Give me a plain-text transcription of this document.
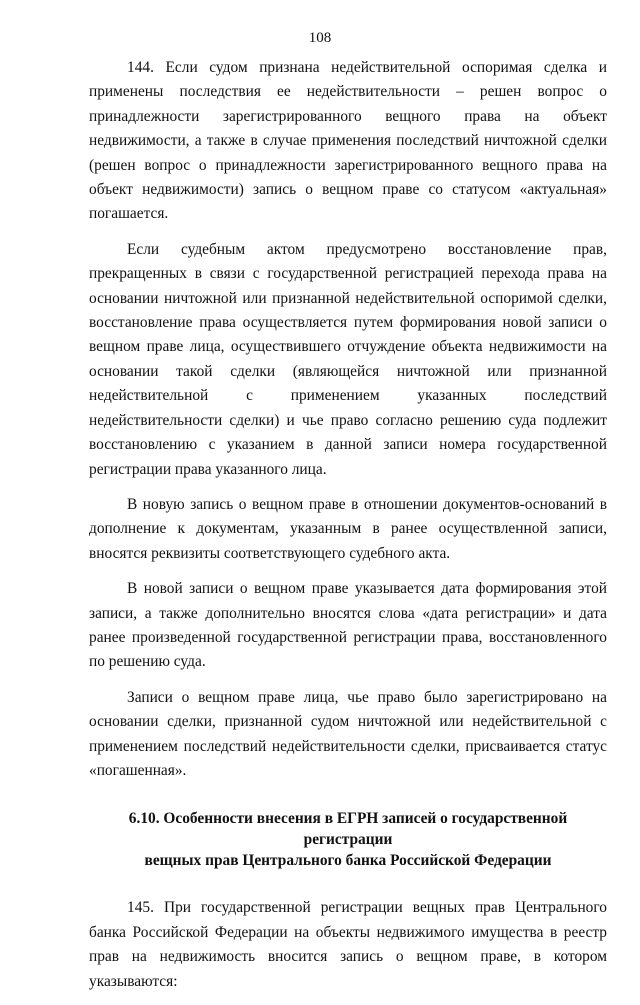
108

144. Если судом признана недействительной оспоримая сделка и применены последствия ее недействительности – решен вопрос о принадлежности зарегистрированного вещного права на объект недвижимости, а также в случае применения последствий ничтожной сделки (решен вопрос о принадлежности зарегистрированного вещного права на объект недвижимости) запись о вещном праве со статусом «актуальная» погашается.

Если судебным актом предусмотрено восстановление прав, прекращенных в связи с государственной регистрацией перехода права на основании ничтожной или признанной недействительной оспоримой сделки, восстановление права осуществляется путем формирования новой записи о вещном праве лица, осуществившего отчуждение объекта недвижимости на основании такой сделки (являющейся ничтожной или признанной недействительной с применением указанных последствий недействительности сделки) и чье право согласно решению суда подлежит восстановлению с указанием в данной записи номера государственной регистрации права указанного лица.

В новую запись о вещном праве в отношении документов-оснований в дополнение к документам, указанным в ранее осуществленной записи, вносятся реквизиты соответствующего судебного акта.

В новой записи о вещном праве указывается дата формирования этой записи, а также дополнительно вносятся слова «дата регистрации» и дата ранее произведенной государственной регистрации права, восстановленного по решению суда.

Записи о вещном праве лица, чье право было зарегистрировано на основании сделки, признанной судом ничтожной или недействительной с применением последствий недействительности сделки, присваивается статус «погашенная».

6.10. Особенности внесения в ЕГРН записей о государственной регистрации
вещных прав Центрального банка Российской Федерации

145. При государственной регистрации вещных прав Центрального банка Российской Федерации на объекты недвижимого имущества в реестр прав на недвижимость вносится запись о вещном праве, в котором указываются:
